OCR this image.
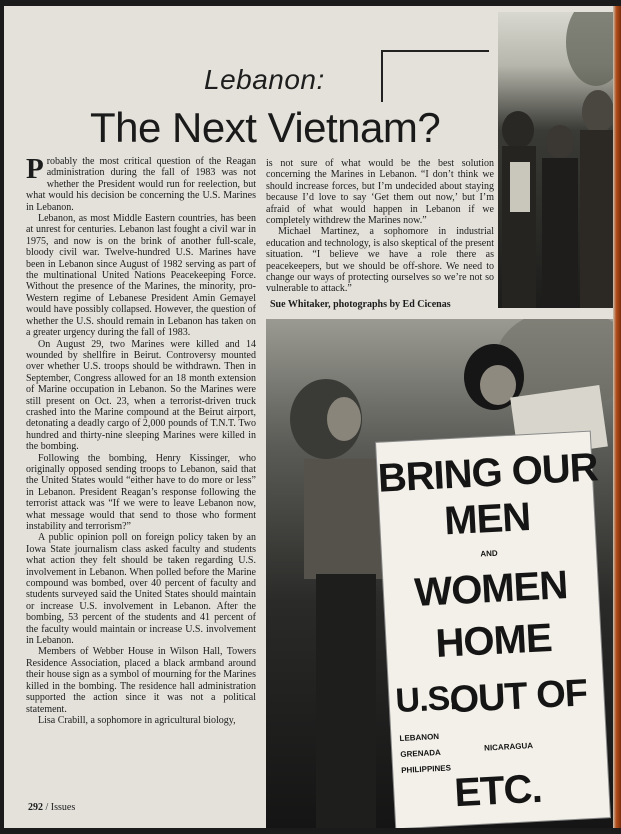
Lebanon:
The Next Vietnam?

Probably the most critical question of the Reagan administration during the fall of 1983 was not whether the President would run for reelection, but what would his decision be concerning the U.S. Marines in Lebanon.

Lebanon, as most Middle Eastern countries, has been at unrest for centuries. Lebanon last fought a civil war in 1975, and now is on the brink of another full-scale, bloody civil war. Twelve-hundred U.S. Marines have been in Lebanon since August of 1982 serving as part of the multinational United Nations Peacekeeping Force. Without the presence of the Marines, the minority, pro-Western regime of Lebanese President Amin Gemayel would have possibly collapsed. However, the question of whether the U.S. should remain in Lebanon has taken on a greater urgency during the fall of 1983.

On August 29, two Marines were killed and 14 wounded by shellfire in Beirut. Controversy mounted over whether U.S. troops should be withdrawn. Then in September, Congress allowed for an 18 month extension of Marine occupation in Lebanon. So the Marines were still present on Oct. 23, when a terrorist-driven truck crashed into the Marine compound at the Beirut airport, detonating a deadly cargo of 2,000 pounds of T.N.T. Two hundred and thirty-nine sleeping Marines were killed in the bombing.

Following the bombing, Henry Kissinger, who originally opposed sending troops to Lebanon, said that the United States would “either have to do more or less” in Lebanon. President Reagan’s response following the terrorist attack was “If we were to leave Lebanon now, what message would that send to those who forment instability and terrorism?”

A public opinion poll on foreign policy taken by an Iowa State journalism class asked faculty and students what action they felt should be taken regarding U.S. involvement in Lebanon. When polled before the Marine compound was bombed, over 40 percent of faculty and students surveyed said the United States should maintain or increase U.S. involvement in Lebanon. After the bombing, 53 percent of the students and 41 percent of the faculty would maintain or increase U.S. involvement in Lebanon.

Members of Webber House in Wilson Hall, Towers Residence Association, placed a black armband around their house sign as a symbol of mourning for the Marines killed in the bombing. The residence hall administration supported the action since it was not a political statement.

Lisa Crabill, a sophomore in agricultural biology,

is not sure of what would be the best solution concerning the Marines in Lebanon. “I don’t think we should increase forces, but I’m undecided about staying because I’d love to say ‘Get them out now,’ but I’m afraid of what would happen in Lebanon if we completely withdrew the Marines now.”

Michael Martinez, a sophomore in industrial education and technology, is also skeptical of the present situation. “I believe we have a role there as peacekeepers, but we should be off-shore. We need to change our ways of protecting ourselves so we’re not so vulnerable to attack.”

Sue Whitaker, photographs by Ed Cicenas
BRING OUR
MEN
AND
WOMEN
HOME
U.S.
OUT OF
LEBANON
NICARAGUA
GRENADA
PHILIPPINES ETC.
292 / Issues
